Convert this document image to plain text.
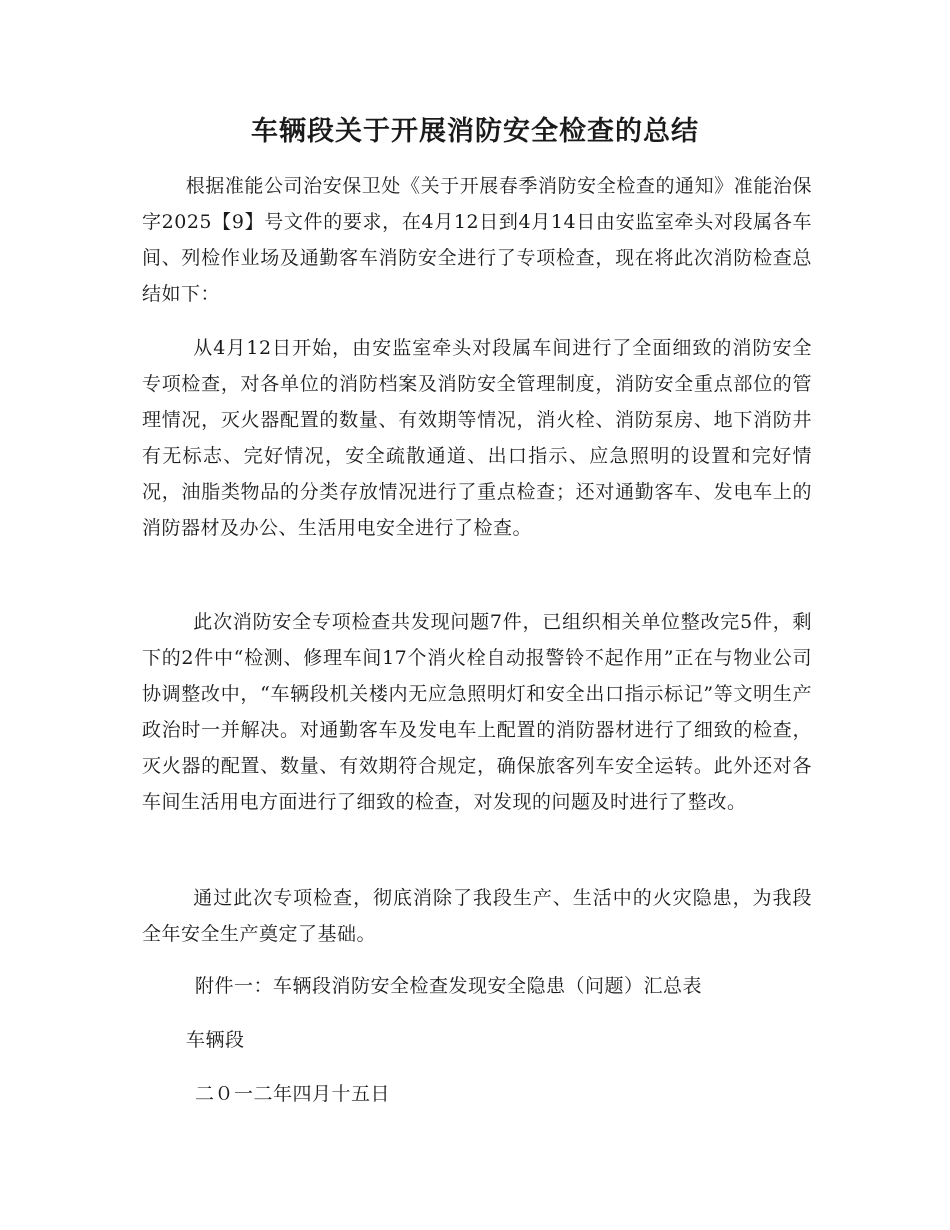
车辆段关于开展消防安全检查的总结

根据准能公司治安保卫处《关于开展春季消防安全检查的通知》准能治保字2025【9】号文件的要求，在4月12日到4月14日由安监室牵头对段属各车间、列检作业场及通勤客车消防安全进行了专项检查，现在将此次消防检查总结如下：

从4月12日开始，由安监室牵头对段属车间进行了全面细致的消防安全专项检查，对各单位的消防档案及消防安全管理制度，消防安全重点部位的管理情况，灭火器配置的数量、有效期等情况，消火栓、消防泵房、地下消防井有无标志、完好情况，安全疏散通道、出口指示、应急照明的设置和完好情况，油脂类物品的分类存放情况进行了重点检查；还对通勤客车、发电车上的消防器材及办公、生活用电安全进行了检查。

此次消防安全专项检查共发现问题7件，已组织相关单位整改完5件，剩下的2件中“检测、修理车间17个消火栓自动报警铃不起作用”正在与物业公司协调整改中，“车辆段机关楼内无应急照明灯和安全出口指示标记”等文明生产政治时一并解决。对通勤客车及发电车上配置的消防器材进行了细致的检查，灭火器的配置、数量、有效期符合规定，确保旅客列车安全运转。此外还对各车间生活用电方面进行了细致的检查，对发现的问题及时进行了整改。

通过此次专项检查，彻底消除了我段生产、生活中的火灾隐患，为我段全年安全生产奠定了基础。

附件一：车辆段消防安全检查发现安全隐患（问题）汇总表

车辆段

二０一二年四月十五日
